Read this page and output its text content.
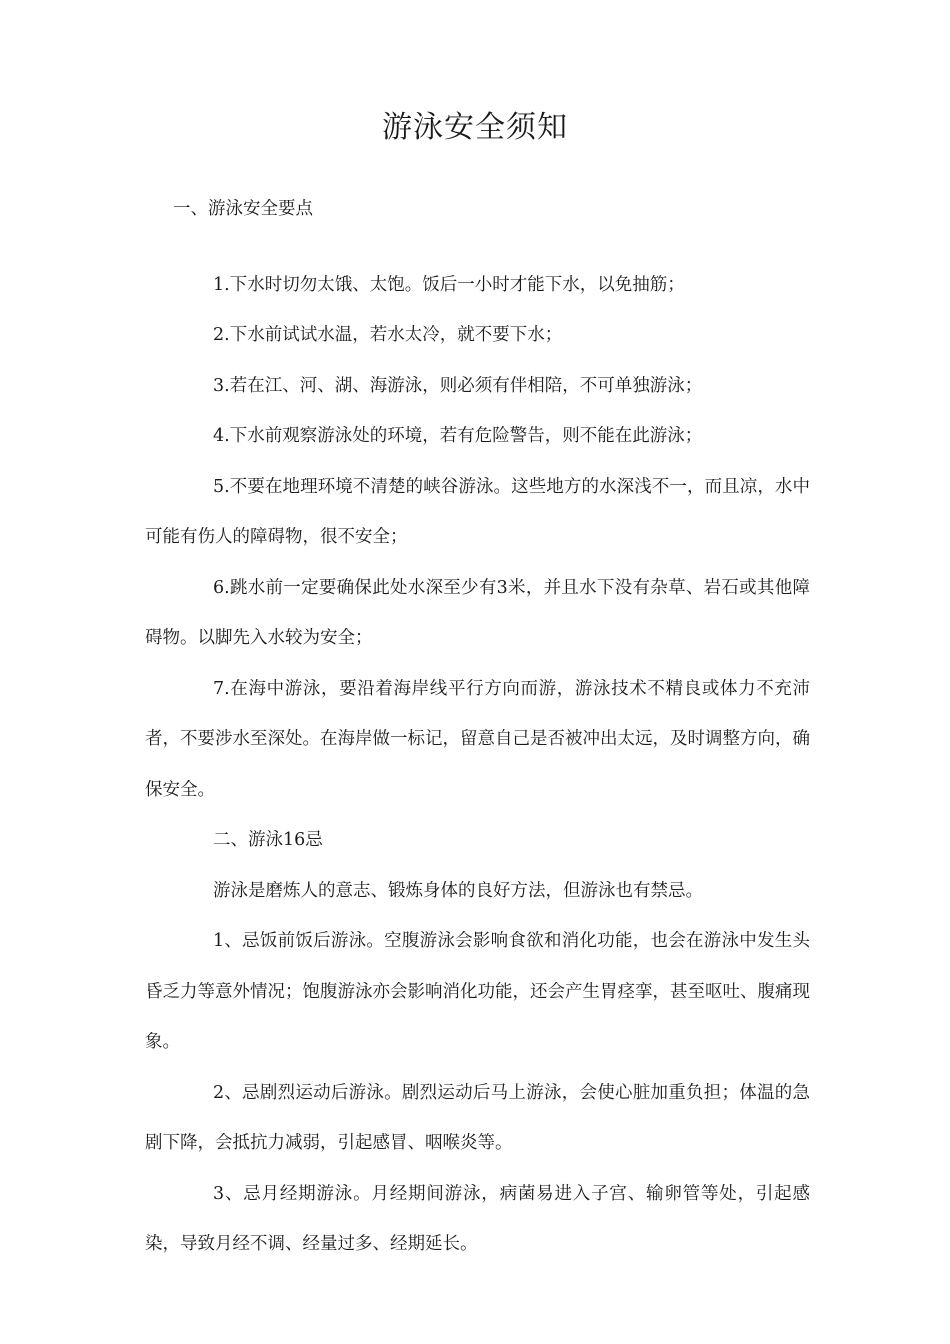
游泳安全须知

一、游泳安全要点

1.下水时切勿太饿、太饱。饭后一小时才能下水，以免抽筋；

2.下水前试试水温，若水太冷，就不要下水；

3.若在江、河、湖、海游泳，则必须有伴相陪，不可单独游泳；

4.下水前观察游泳处的环境，若有危险警告，则不能在此游泳；

5.不要在地理环境不清楚的峡谷游泳。这些地方的水深浅不一，而且凉，水中可能有伤人的障碍物，很不安全；

6.跳水前一定要确保此处水深至少有3米，并且水下没有杂草、岩石或其他障碍物。以脚先入水较为安全；

7.在海中游泳，要沿着海岸线平行方向而游，游泳技术不精良或体力不充沛者，不要涉水至深处。在海岸做一标记，留意自己是否被冲出太远，及时调整方向，确保安全。

二、游泳16忌

游泳是磨炼人的意志、锻炼身体的良好方法，但游泳也有禁忌。

1、忌饭前饭后游泳。空腹游泳会影响食欲和消化功能，也会在游泳中发生头昏乏力等意外情况；饱腹游泳亦会影响消化功能，还会产生胃痉挛，甚至呕吐、腹痛现象。

2、忌剧烈运动后游泳。剧烈运动后马上游泳，会使心脏加重负担；体温的急剧下降，会抵抗力减弱，引起感冒、咽喉炎等。

3、忌月经期游泳。月经期间游泳，病菌易进入子宫、输卵管等处，引起感染，导致月经不调、经量过多、经期延长。
